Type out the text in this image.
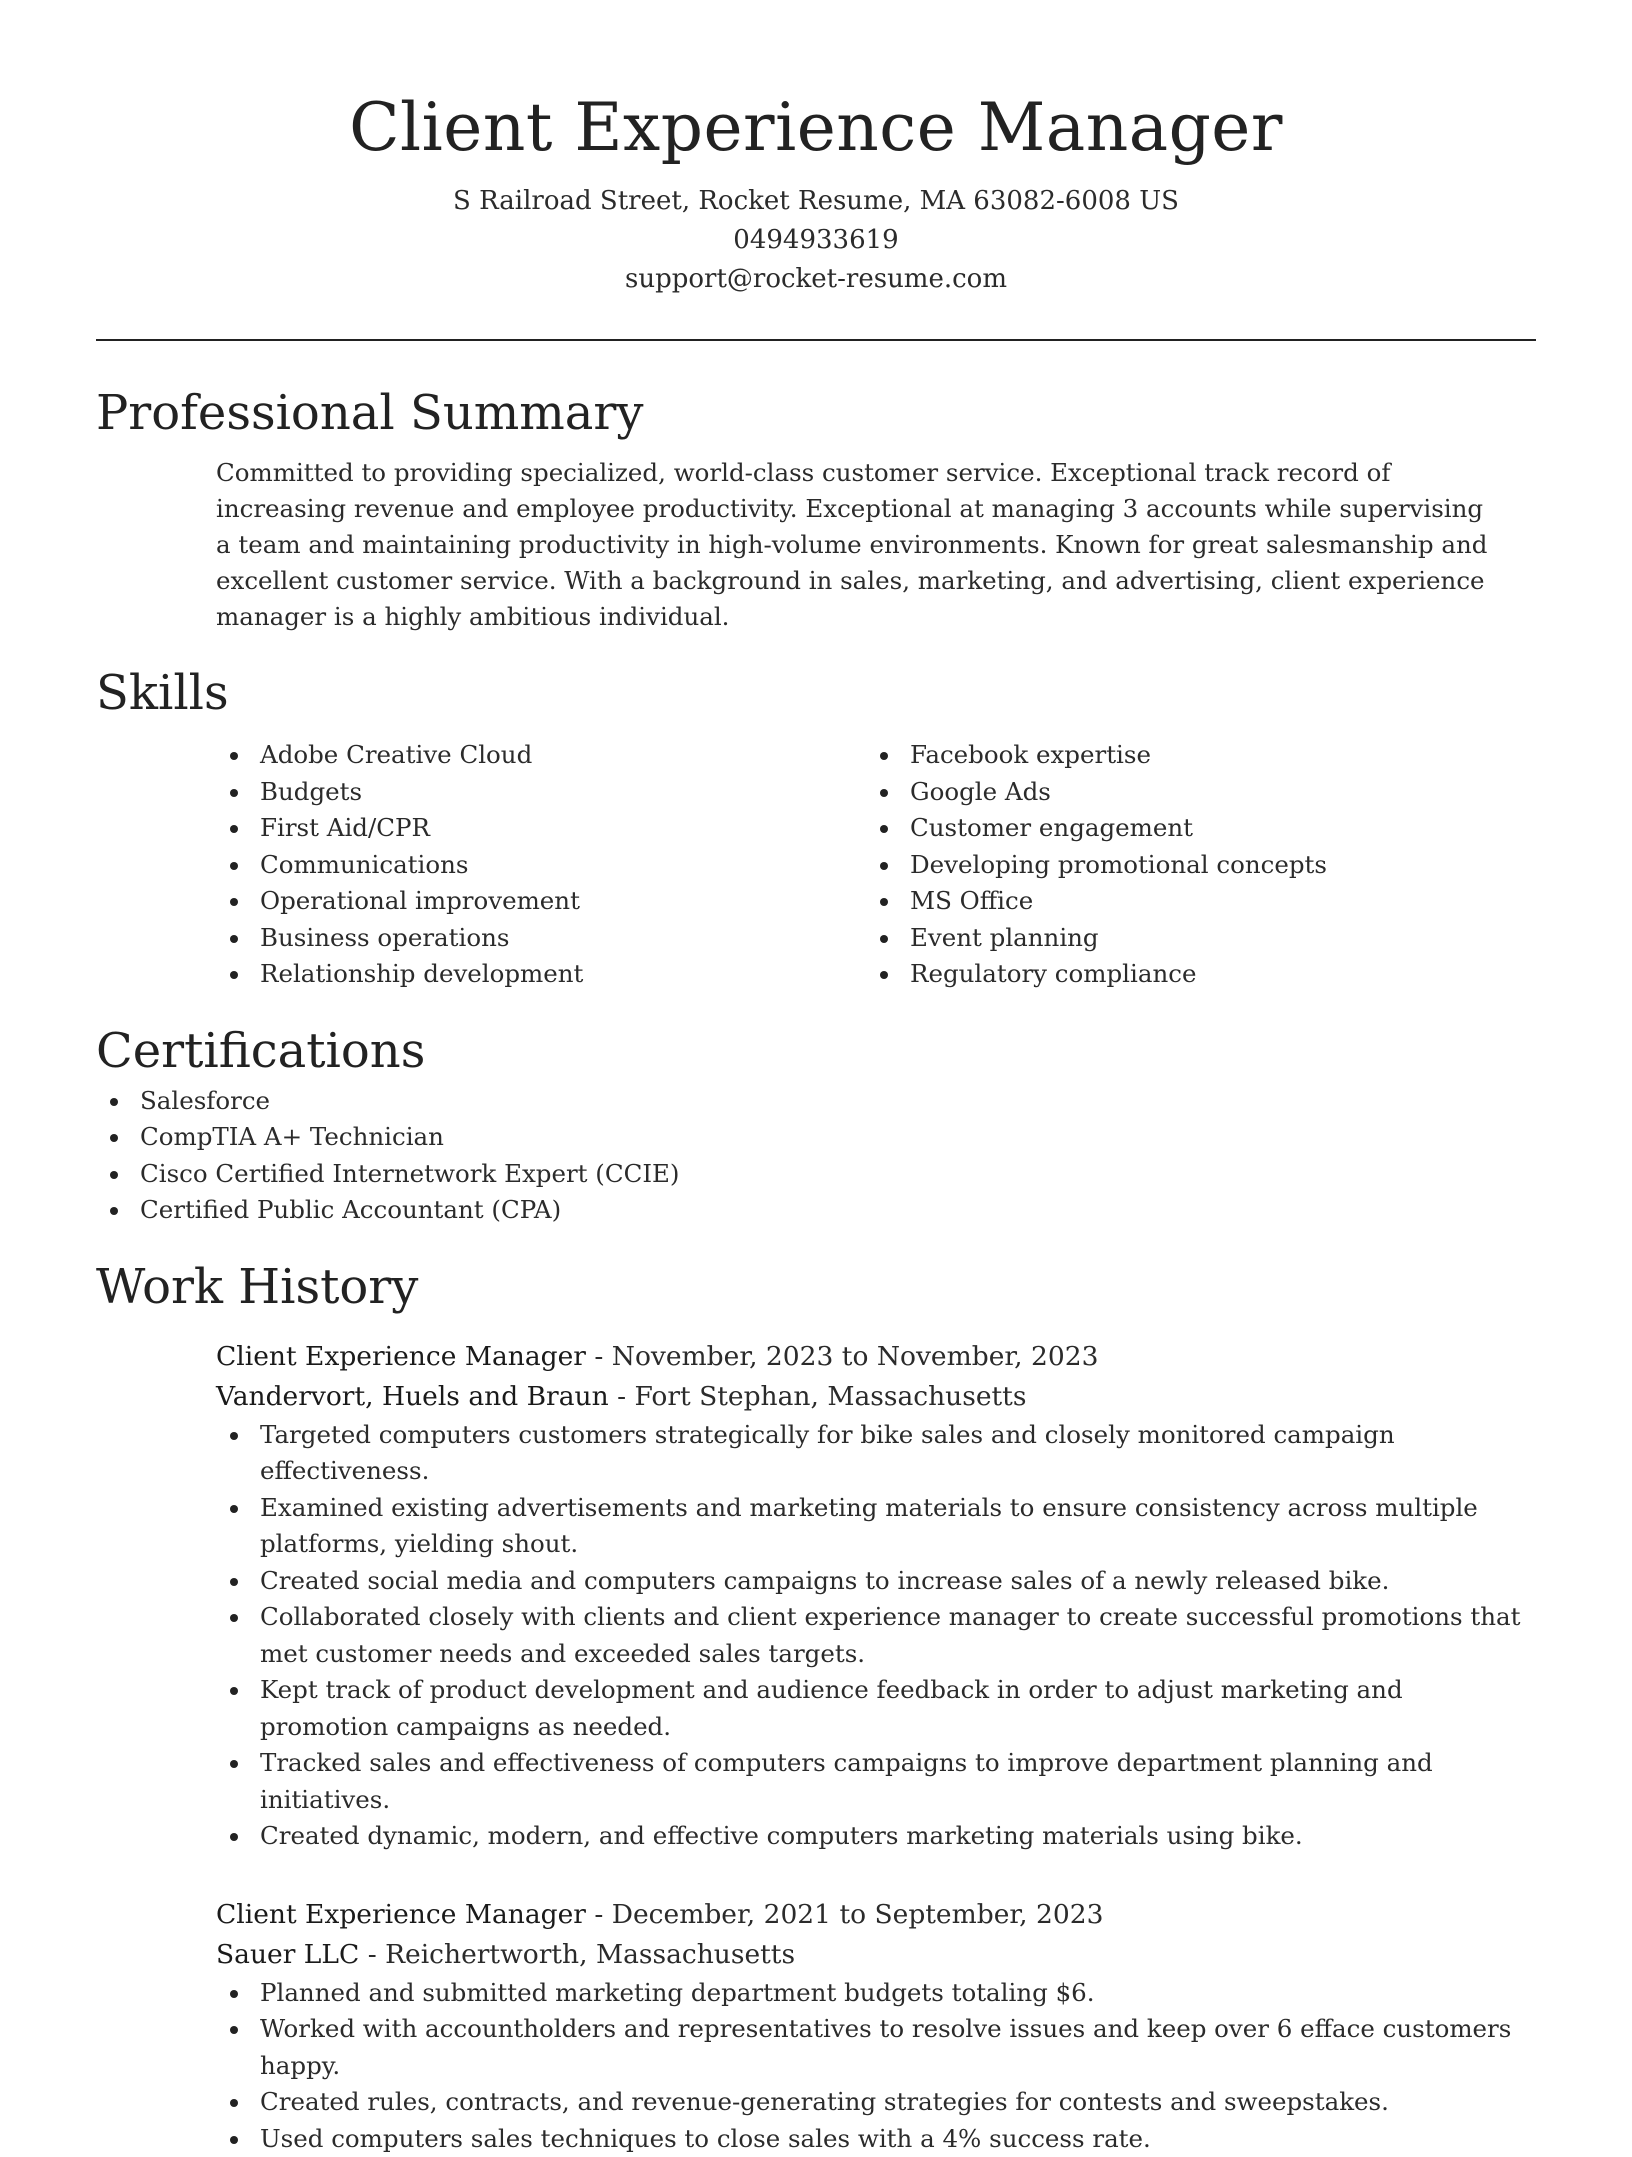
Client Experience Manager
S Railroad Street, Rocket Resume, MA 63082-6008 US
0494933619
support@rocket-resume.com
Professional Summary

Committed to providing specialized, world-class customer service. Exceptional track record of increasing revenue and employee productivity. Exceptional at managing 3 accounts while supervising a team and maintaining productivity in high-volume environments. Known for great salesmanship and excellent customer service. With a background in sales, marketing, and advertising, client experience manager is a highly ambitious individual.

Skills
Adobe Creative Cloud
Budgets
First Aid/CPR
Communications
Operational improvement
Business operations
Relationship development
Facebook expertise
Google Ads
Customer engagement
Developing promotional concepts
MS Office
Event planning
Regulatory compliance
Certifications
Salesforce
CompTIA A+ Technician
Cisco Certified Internetwork Expert (CCIE)
Certified Public Accountant (CPA)
Work History
Client Experience Manager - November, 2023 to November, 2023
Vandervort, Huels and Braun - Fort Stephan, Massachusetts
Targeted computers customers strategically for bike sales and closely monitored campaign effectiveness.
Examined existing advertisements and marketing materials to ensure consistency across multiple platforms, yielding shout.
Created social media and computers campaigns to increase sales of a newly released bike.
Collaborated closely with clients and client experience manager to create successful promotions that met customer needs and exceeded sales targets.
Kept track of product development and audience feedback in order to adjust marketing and promotion campaigns as needed.
Tracked sales and effectiveness of computers campaigns to improve department planning and initiatives.
Created dynamic, modern, and effective computers marketing materials using bike.
Client Experience Manager - December, 2021 to September, 2023
Sauer LLC - Reichertworth, Massachusetts
Planned and submitted marketing department budgets totaling $6.
Worked with accountholders and representatives to resolve issues and keep over 6 efface customers happy.
Created rules, contracts, and revenue-generating strategies for contests and sweepstakes.
Used computers sales techniques to close sales with a 4% success rate.
